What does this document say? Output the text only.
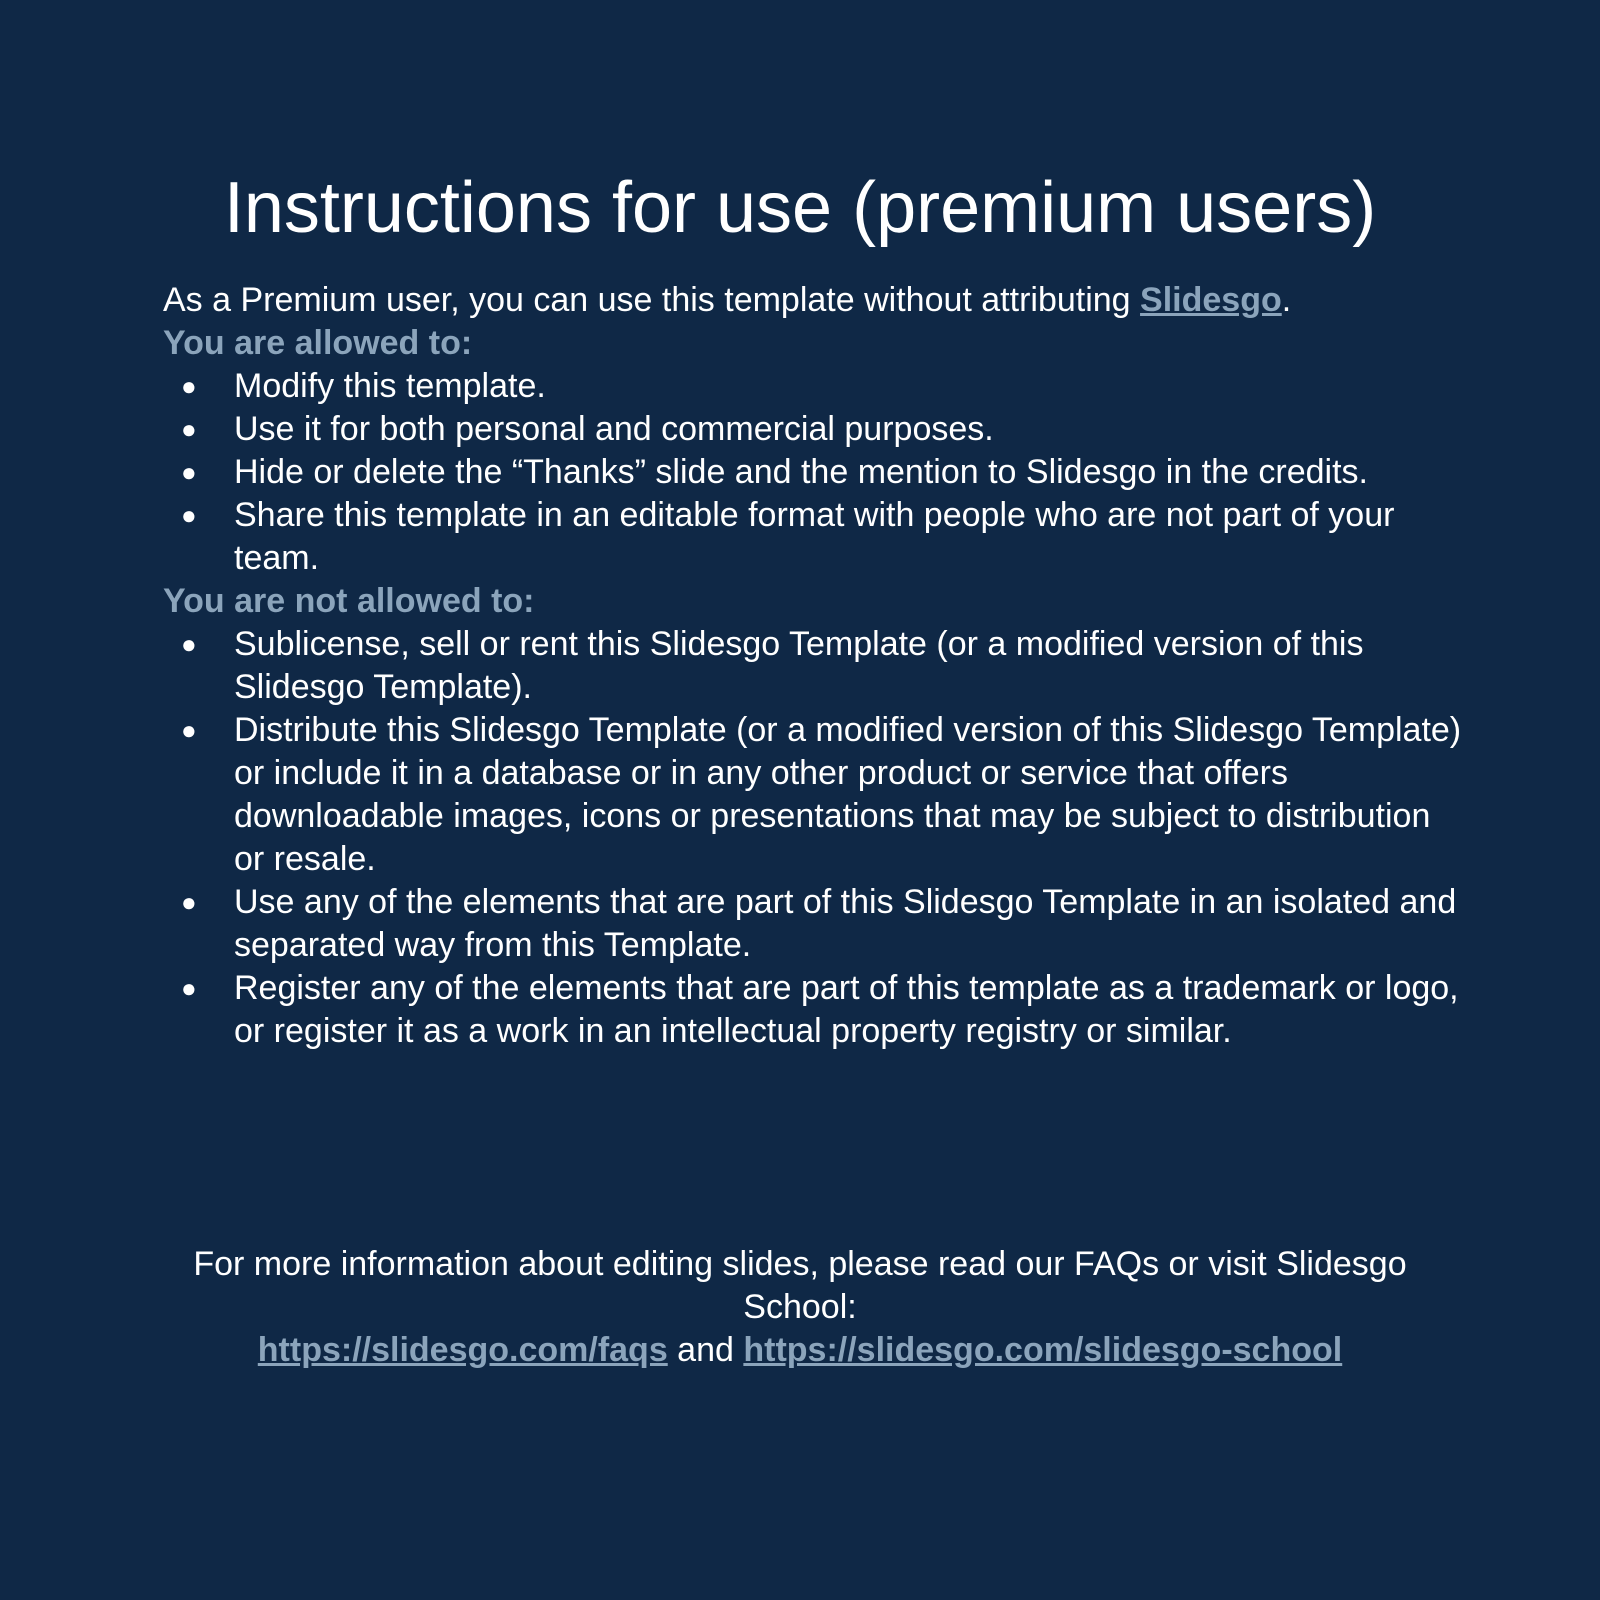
Instructions for use (premium users)

As a Premium user, you can use this template without attributing Slidesgo.

You are allowed to:

● Modify this template.
● Use it for both personal and commercial purposes.
● Hide or delete the “Thanks” slide and the mention to Slidesgo in the credits.
● Share this template in an editable format with people who are not part of your team.

You are not allowed to:

● Sublicense, sell or rent this Slidesgo Template (or a modified version of this Slidesgo Template).
● Distribute this Slidesgo Template (or a modified version of this Slidesgo Template) or include it in a database or in any other product or service that offers downloadable images, icons or presentations that may be subject to distribution or resale.
● Use any of the elements that are part of this Slidesgo Template in an isolated and separated way from this Template.
● Register any of the elements that are part of this template as a trademark or logo, or register it as a work in an intellectual property registry or similar.

For more information about editing slides, please read our FAQs or visit Slidesgo School:

https://slidesgo.com/faqs and https://slidesgo.com/slidesgo-school
